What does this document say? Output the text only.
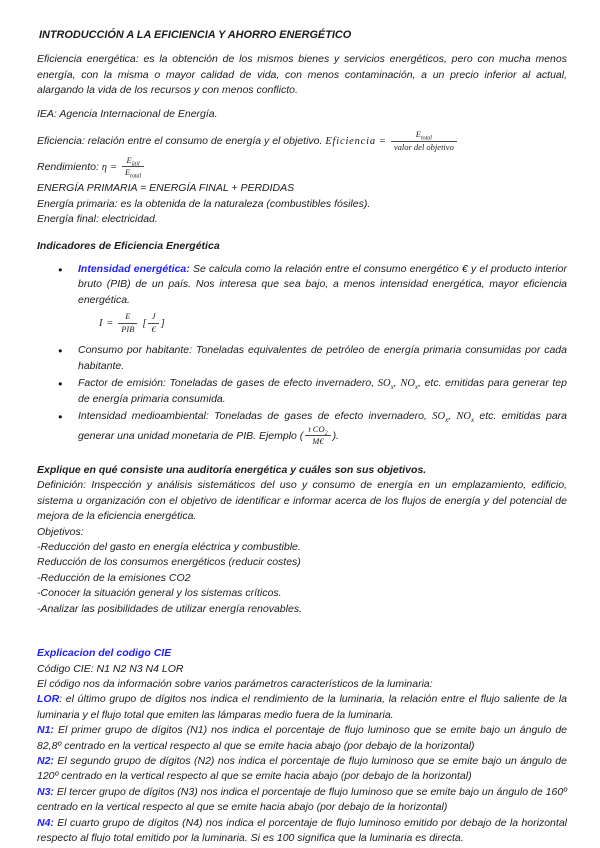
INTRODUCCIÓN A LA EFICIENCIA Y AHORRO ENERGÉTICO

Eficiencia energética: es la obtención de los mismos bienes y servicios energéticos, pero con mucha menos energía, con la misma o mayor calidad de vida, con menos contaminación, a un precio inferior al actual, alargando la vida de los recursos y con menos conflicto.

IEA: Agencia Internacional de Energía.

Eficiencia: relación entre el consumo de energía y el objetivo. Eficiencia = $\frac{E_{total}}{\text{valor del objetivo}}$

Rendimiento: $\eta = \frac{E_{útil}}{E_{total}}$

ENERGÍA PRIMARIA = ENERGÍA FINAL + PERDIDAS

Energía primaria: es la obtenida de la naturaleza (combustibles fósiles).

Energía final: electricidad.

Indicadores de Eficiencia Energética

●	Intensidad energética: Se calcula como la relación entre el consumo energético € y el producto interior bruto (PIB) de un país. Nos interesa que sea bajo, a menos intensidad energética, mayor eficiencia energética.
$I = \frac{E}{\text{PIB}}$ [ $\frac{J}{€}$ ]
●	Consumo por habitante: Toneladas equivalentes de petróleo de energía primaria consumidas por cada habitante.
●	Factor de emisión: Toneladas de gases de efecto invernadero, $SO_x$, $NO_x$, etc. emitidas para generar tep de energía primaria consumida.
●	Intensidad medioambiental: Toneladas de gases de efecto invernadero, $SO_x$, $NO_x$ etc. emitidas para generar una unidad monetaria de PIB. Ejemplo ( $\frac{t CO_2}{M€}$ ).

Explique en qué consiste una auditoría energética y cuáles son sus objetivos.

Definición: Inspección y análisis sistemáticos del uso y consumo de energía en un emplazamiento, edificio, sistema u organización con el objetivo de identificar e informar acerca de los flujos de energía y del potencial de mejora de la eficiencia energética.

Objetivos:

-Reducción del gasto en energía eléctrica y combustible.

Reducción de los consumos energéticos (reducir costes)

-Reducción de la emisiones CO2

-Conocer la situación general y los sistemas críticos.

-Analizar las posibilidades de utilizar energía renovables.

Explicacion del codigo CIE

Código CIE: N1 N2 N3 N4 LOR

El código nos da información sobre varios parámetros característicos de la luminaria:

LOR: el último grupo de dígitos nos indica el rendimiento de la luminaria, la relación entre el flujo saliente de la luminaria y el flujo total que emiten las lámparas medio fuera de la luminaria.

N1: El primer grupo de dígitos (N1) nos indica el porcentaje de flujo luminoso que se emite bajo un ángulo de 82,8º centrado en la vertical respecto al que se emite hacia abajo (por debajo de la horizontal)

N2: El segundo grupo de dígitos (N2) nos indica el porcentaje de flujo luminoso que se emite bajo un ángulo de 120º centrado en la vertical respecto al que se emite hacia abajo (por debajo de la horizontal)

N3: El tercer grupo de dígitos (N3) nos indica el porcentaje de flujo luminoso que se emite bajo un ángulo de 160º centrado en la vertical respecto al que se emite hacia abajo (por debajo de la horizontal)

N4: El cuarto grupo de dígitos (N4) nos indica el porcentaje de flujo luminoso emitido por debajo de la horizontal respecto al flujo total emitido por la luminaria. Si es 100 significa que la luminaria es directa.
